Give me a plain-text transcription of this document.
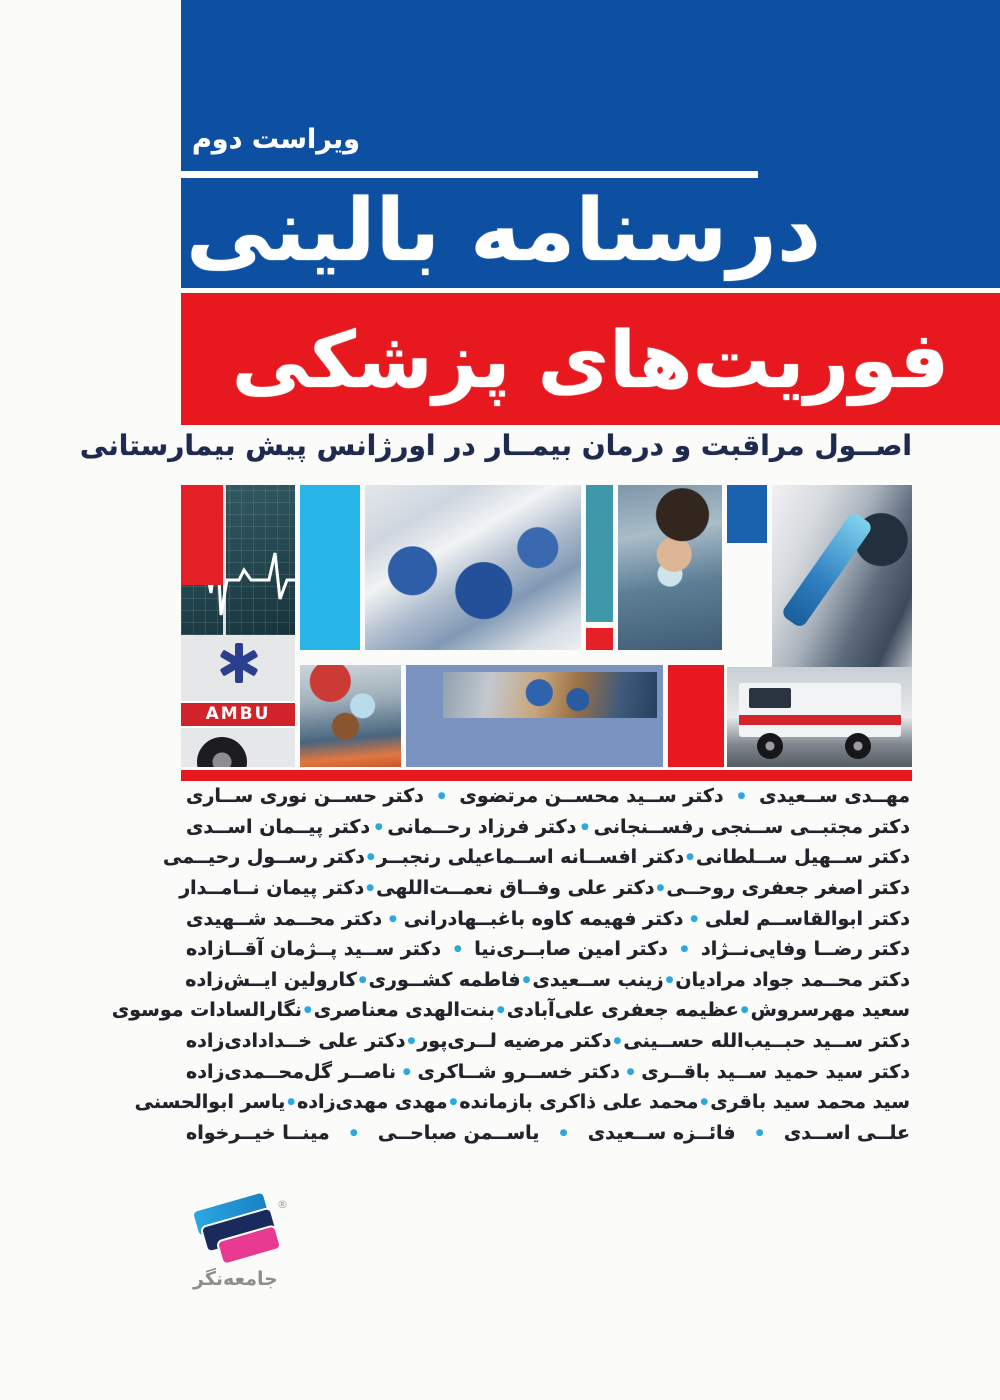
ویراست دوم
درسنامه بالینی
فوریت‌های پزشکی
اصــول مراقبت و درمان بیمــار در اورژانس پیش بیمارستانی
AMBU
مهــدی ســعیدی
●
دکتر ســید محســن مرتضوی
●
دکتر حســن نوری ســاری
دکتر مجتبــی ســنجی رفســنجانی
●
دکتر فرزاد رحــمانی
●
دکتر پیــمان اســدی
دکتر ســهیل ســلطانی
●
دکتر افســانه اســماعیلی رنجبــر
●
دکتر رســول رحیــمی
دکتر اصغر جعفری روحــی
●
دکتر علی وفــاق نعمــت‌اللهی
●
دکتر پیمان نــامــدار
دکتر ابوالقاســم لعلی
●
دکتر فهیمه کاوه باغبــهادرانی
●
دکتر محــمد شــهیدی
دکتر رضــا وفایی‌نــژاد
●
دکتر امین صابــری‌نیا
●
دکتر ســید پــژمان آقــازاده
دکتر محــمد جواد مرادیان
●
زینب ســعیدی
●
فاطمه کشــوری
●
کارولین ایــش‌زاده
سعید مهرسروش
●
عظیمه جعفری علی‌آبادی
●
بنت‌الهدی معناصری
●
نگارالسادات موسوی
دکتر ســید حبــیب‌الله حســینی
●
دکتر مرضیه لــری‌پور
●
دکتر علی خــدادادی‌زاده
دکتر سید حمید ســید باقــری
●
دکتر خســرو شــاکری
●
ناصــر گل‌محــمدی‌زاده
سید محمد سید باقری
●
محمد علی ذاکری بازمانده
●
مهدی مهدی‌زاده
●
یاسر ابوالحسنی
علــی اســدی
●
فائــزه ســعیدی
●
یاســمن صباحــی
●
مینــا خیــرخواه
®
جامعه‌نگر
